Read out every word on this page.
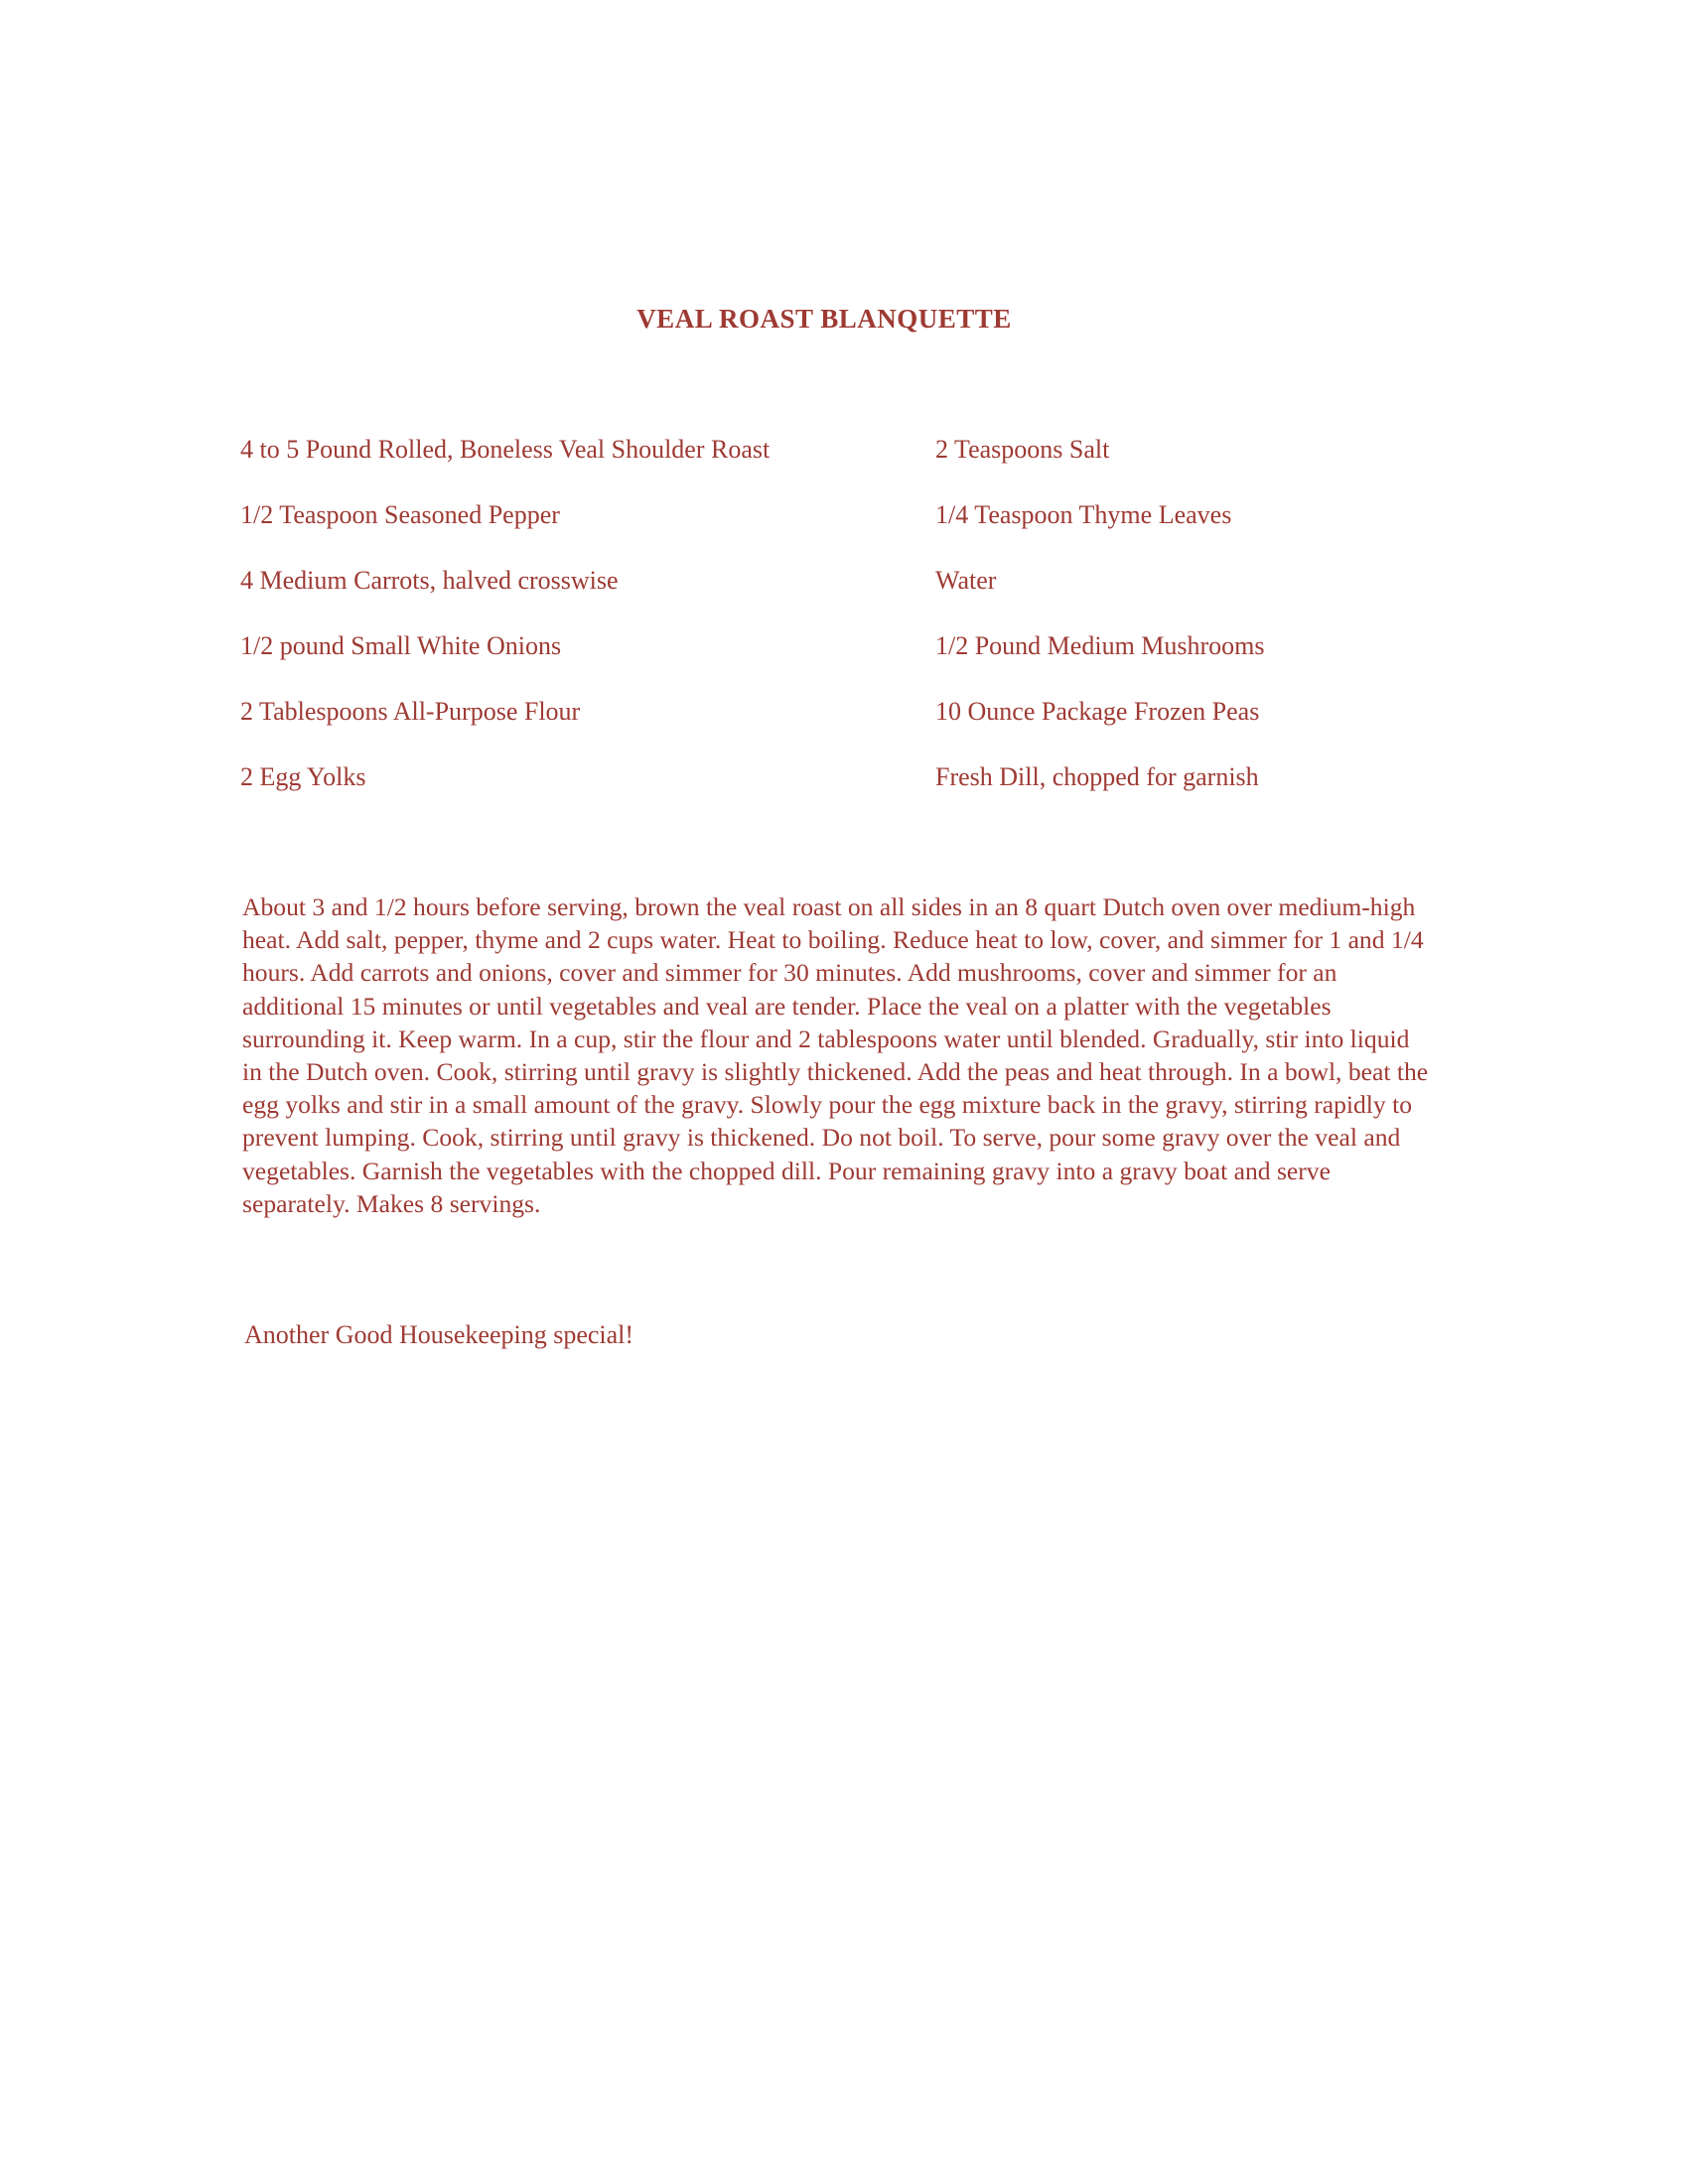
VEAL ROAST BLANQUETTE
4 to 5 Pound Rolled, Boneless Veal Shoulder Roast	2 Teaspoons Salt
1/2 Teaspoon Seasoned Pepper	1/4 Teaspoon Thyme Leaves
4 Medium Carrots, halved crosswise	Water
1/2 pound Small White Onions	1/2 Pound Medium Mushrooms
2 Tablespoons All-Purpose Flour	10 Ounce Package Frozen Peas
2 Egg Yolks	Fresh Dill, chopped for garnish

About 3 and 1/2 hours before serving, brown the veal roast on all sides in an 8 quart Dutch oven over medium-high heat. Add salt, pepper, thyme and 2 cups water. Heat to boiling. Reduce heat to low, cover, and simmer for 1 and 1/4 hours. Add carrots and onions, cover and simmer for 30 minutes. Add mushrooms, cover and simmer for an additional 15 minutes or until vegetables and veal are tender. Place the veal on a platter with the vegetables surrounding it. Keep warm. In a cup, stir the flour and 2 tablespoons water until blended. Gradually, stir into liquid in the Dutch oven. Cook, stirring until gravy is slightly thickened. Add the peas and heat through. In a bowl, beat the egg yolks and stir in a small amount of the gravy. Slowly pour the egg mixture back in the gravy, stirring rapidly to prevent lumping. Cook, stirring until gravy is thickened. Do not boil. To serve, pour some gravy over the veal and vegetables. Garnish the vegetables with the chopped dill. Pour remaining gravy into a gravy boat and serve separately. Makes 8 servings.

Another Good Housekeeping special!
